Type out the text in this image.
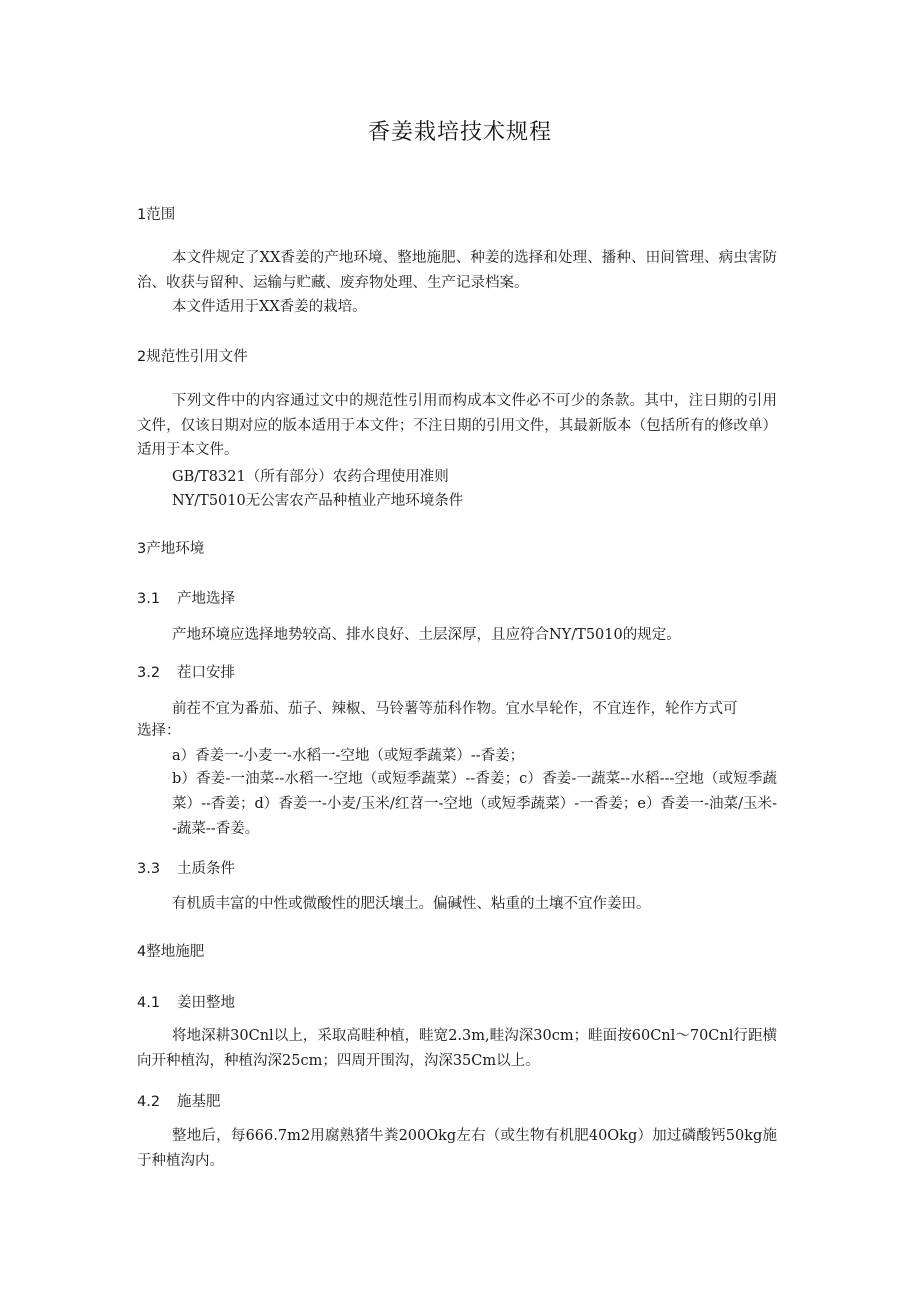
香姜栽培技术规程
1范围
本文件规定了XX香姜的产地环境、整地施肥、种姜的选择和处理、播种、田间管理、病虫害防治、收获与留种、运输与贮藏、废弃物处理、生产记录档案。
本文件适用于XX香姜的栽培。
2规范性引用文件
下列文件中的内容通过文中的规范性引用而构成本文件必不可少的条款。其中，注日期的引用文件，仅该日期对应的版本适用于本文件；不注日期的引用文件，其最新版本（包括所有的修改单）适用于本文件。
GB/T8321（所有部分）农药合理使用准则
NY/T5010无公害农产品种植业产地环境条件
3产地环境
3.1 产地选择
产地环境应选择地势较高、排水良好、土层深厚，且应符合NY/T5010的规定。
3.2 茬口安排
前茬不宜为番茄、茄子、辣椒、马铃薯等茄科作物。宜水旱轮作，不宜连作，轮作方式可
选择：
a）香姜一-小麦一-水稻一-空地（或短季蔬菜）--香姜；
b）香姜-一油菜--水稻一-空地（或短季蔬菜）--香姜；c）香姜-一蔬菜--水稻---空地（或短季蔬菜）--香姜；d）香姜一-小麦/玉米/红苕一-空地（或短季蔬菜）-一香姜；e）香姜一-油菜/玉米--蔬菜--香姜。
3.3 土质条件
有机质丰富的中性或微酸性的肥沃壤土。偏碱性、粘重的土壤不宜作姜田。
4整地施肥
4.1 姜田整地
将地深耕30Cnl以上，采取高畦种植，畦宽2.3m,畦沟深30cm；畦面按60Cnl～70Cnl行距横向开种植沟，种植沟深25cm；四周开围沟，沟深35Cm以上。
4.2 施基肥
整地后，每666.7m2用腐熟猪牛粪200Okg左右（或生物有机肥40Okg）加过磷酸钙50kg施于种植沟内。
